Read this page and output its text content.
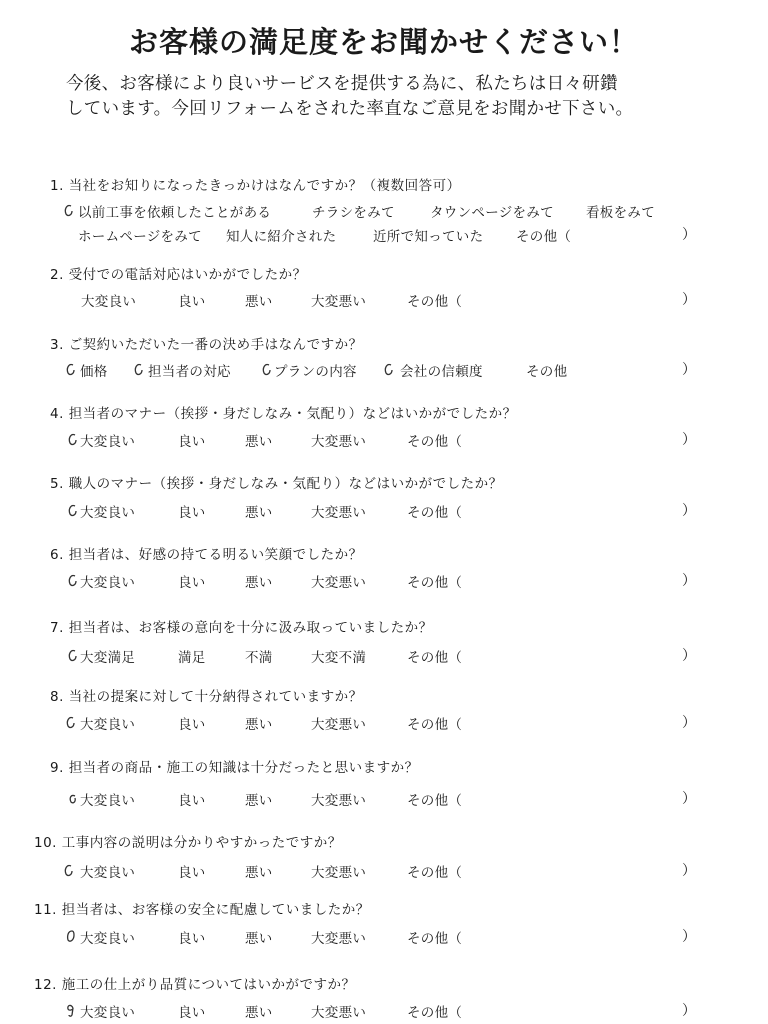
お客様の満足度をお聞かせください！
今後、お客様により良いサービスを提供する為に、私たちは日々研鑽
しています。今回リフォームをされた率直なご意見をお聞かせ下さい。
1. 当社をお知りになったきっかけはなんですか？（複数回答可）
以前工事を依頼したことがある	チラシをみて	タウンページをみて 看板をみて
ホームページをみて 知人に紹介された	近所で知っていた その他（	）
2. 受付での電話対応はいかがでしたか？
大変良い	良い	悪い	大変悪い	その他（	）
3. ご契約いただいた一番の決め手はなんですか？
価格	担当者の対応	プランの内容	会社の信頼度	その他	）
4. 担当者のマナー（挨拶・身だしなみ・気配り）などはいかがでしたか？
大変良い	良い	悪い	大変悪い	その他（	）
5. 職人のマナー（挨拶・身だしなみ・気配り）などはいかがでしたか？
大変良い	良い	悪い	大変悪い	その他（	）
6. 担当者は、好感の持てる明るい笑顔でしたか？
大変良い	良い	悪い	大変悪い	その他（	）
7. 担当者は、お客様の意向を十分に汲み取っていましたか？
大変満足	満足	不満	大変不満	その他（	）
8. 当社の提案に対して十分納得されていますか？
大変良い	良い	悪い	大変悪い	その他（	）
9. 担当者の商品・施工の知識は十分だったと思いますか？
大変良い	良い	悪い	大変悪い	その他（	）
10. 工事内容の説明は分かりやすかったですか？
大変良い	良い	悪い	大変悪い	その他（	）
11. 担当者は、お客様の安全に配慮していましたか？
大変良い	良い	悪い	大変悪い	その他（	）
12. 施工の仕上がり品質についてはいかがですか？
大変良い	良い	悪い	大変悪い	その他（	）
